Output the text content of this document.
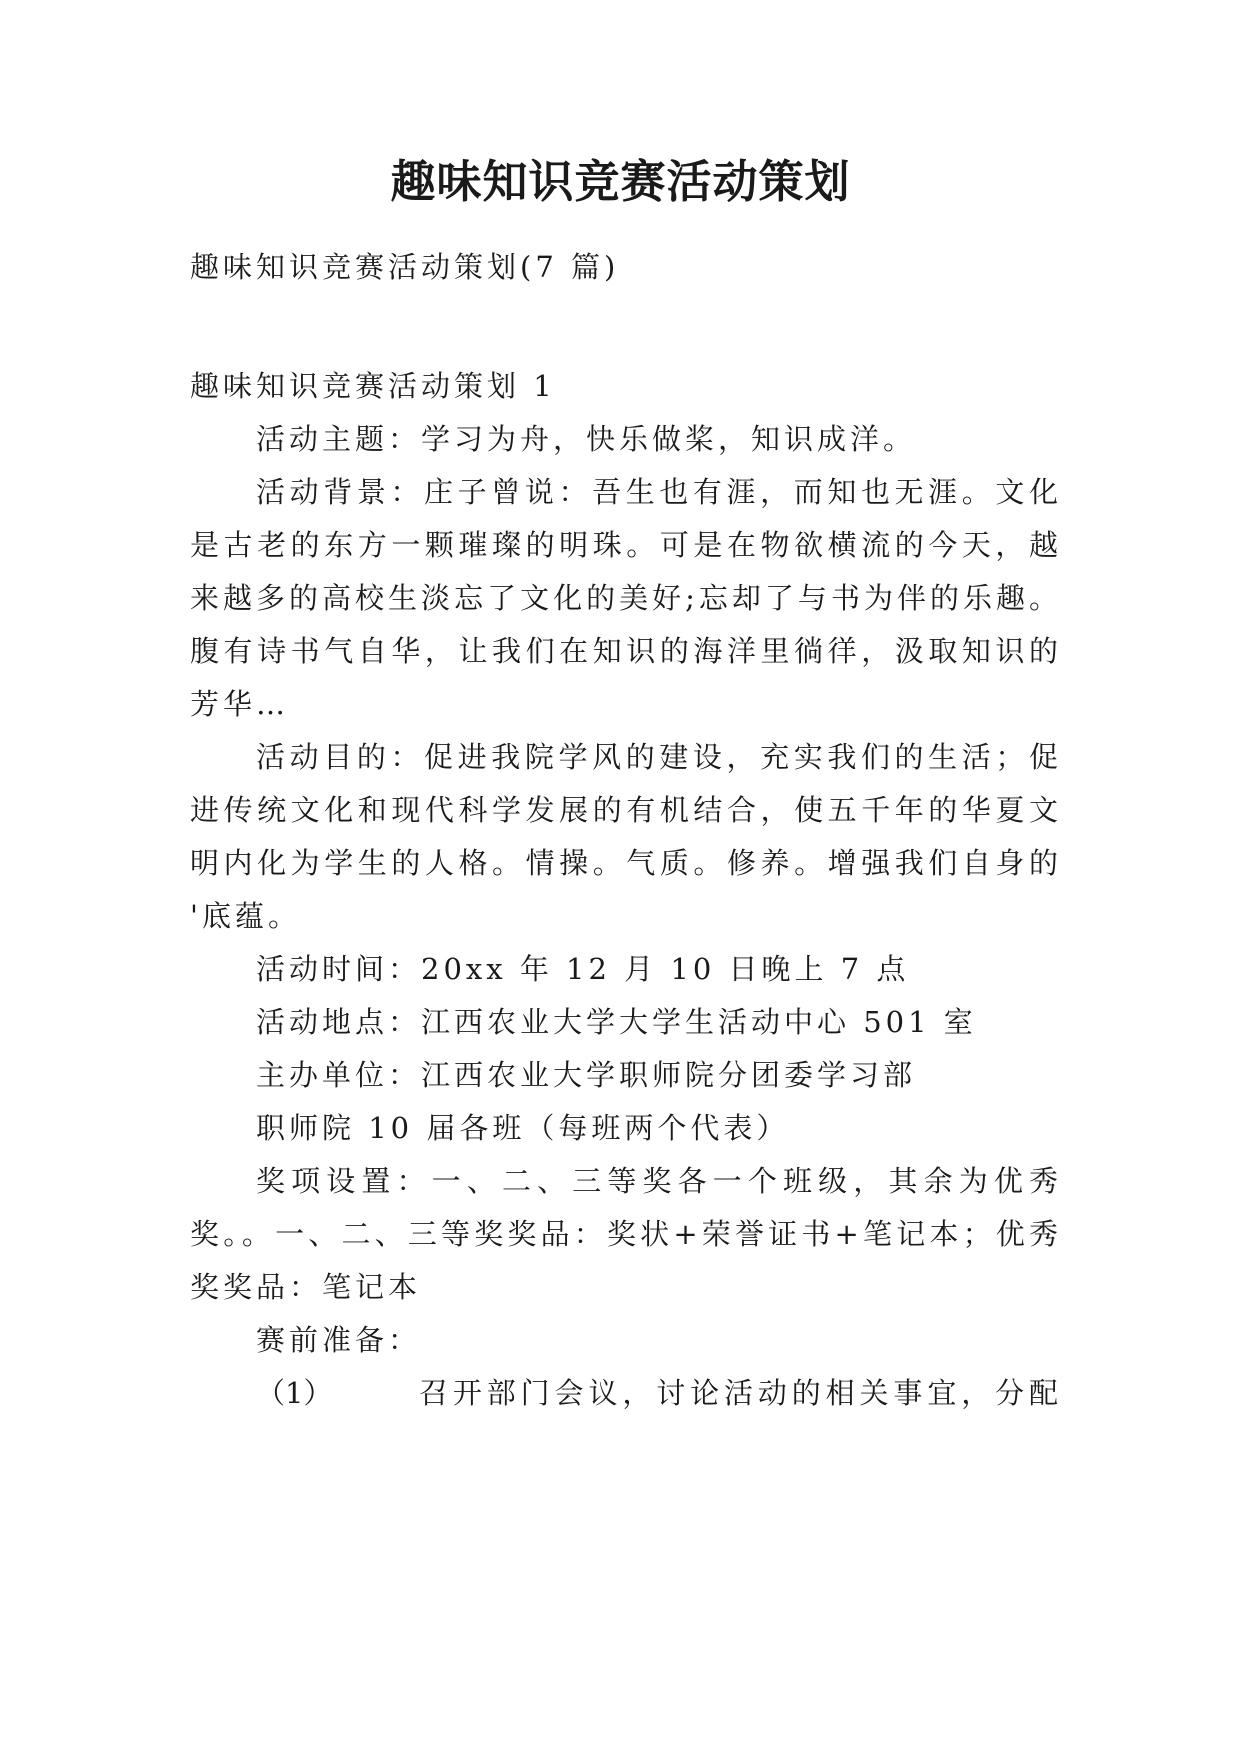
趣味知识竞赛活动策划
趣味知识竞赛活动策划(7 篇)
趣味知识竞赛活动策划 1
活动主题：学习为舟，快乐做桨，知识成洋。
活动背景：庄子曾说：吾生也有涯，而知也无涯。文化
是古老的东方一颗璀璨的明珠。可是在物欲横流的今天，越
来越多的高校生淡忘了文化的美好;忘却了与书为伴的乐趣。
腹有诗书气自华，让我们在知识的海洋里徜徉，汲取知识的
芳华…
活动目的：促进我院学风的建设，充实我们的生活；促
进传统文化和现代科学发展的有机结合，使五千年的华夏文
明内化为学生的人格。情操。气质。修养。增强我们自身的
'底蕴。
活动时间：20xx 年 12 月 10 日晚上 7 点
活动地点：江西农业大学大学生活动中心 501 室
主办单位：江西农业大学职师院分团委学习部
职师院 10 届各班（每班两个代表）
奖项设置：一、二、三等奖各一个班级，其余为优秀
奖。。一、二、三等奖奖品：奖状+荣誉证书+笔记本；优秀
奖奖品：笔记本
赛前准备：
（1）	召开部门会议，讨论活动的相关事宜，分配
